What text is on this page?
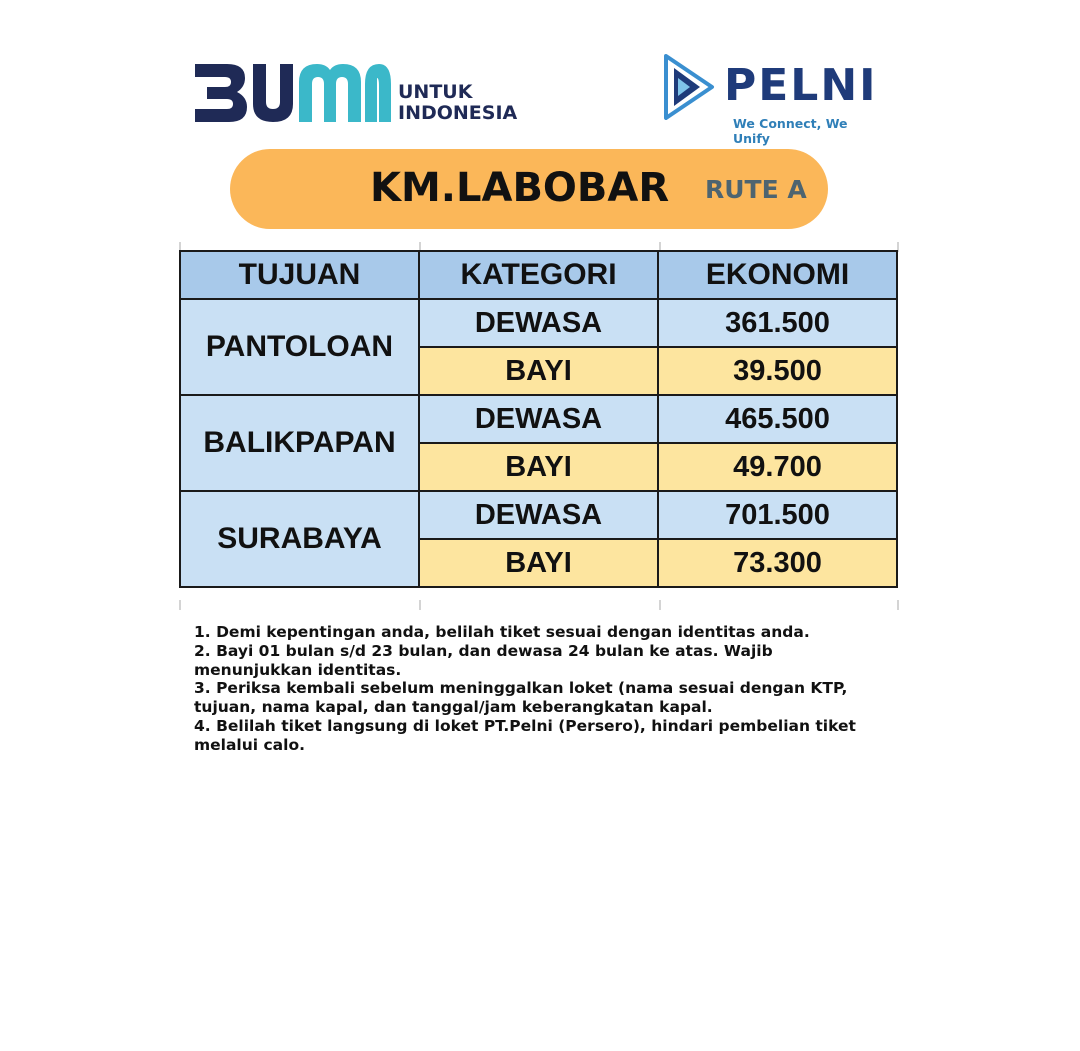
UNTUK
INDONESIA
PELNI
We Connect, We Unify
KM.LABOBAR RUTE A
TUJUAN	KATEGORI	EKONOMI
PANTOLOAN	DEWASA	361.500
	BAYI	39.500
BALIKPAPAN	DEWASA	465.500
	BAYI	49.700
SURABAYA	DEWASA	701.500
	BAYI	73.300

1. Demi kepentingan anda, belilah tiket sesuai dengan identitas anda.

2. Bayi 01 bulan s/d 23 bulan, dan dewasa 24 bulan ke atas. Wajib menunjukkan identitas.

3. Periksa kembali sebelum meninggalkan loket (nama sesuai dengan KTP, tujuan, nama kapal, dan tanggal/jam keberangkatan kapal.

4. Belilah tiket langsung di loket PT.Pelni (Persero), hindari pembelian tiket melalui calo.
